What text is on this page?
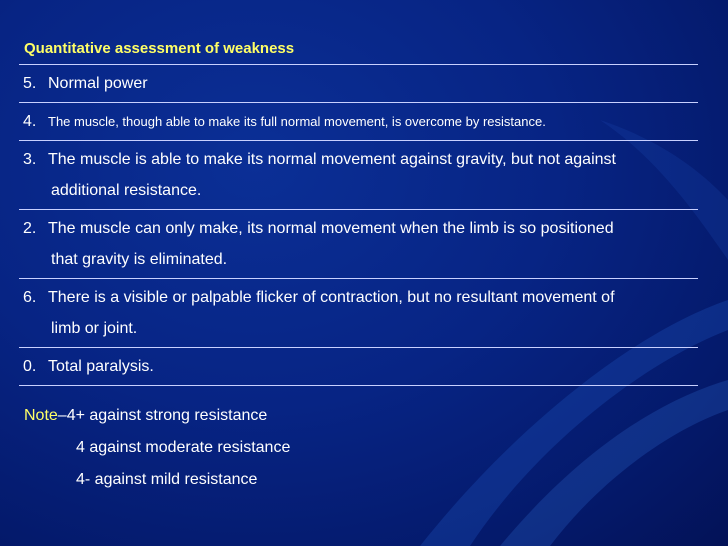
Quantitative assessment of weakness
5. Normal power
4. The muscle, though able to make its full normal movement, is overcome by resistance.
3. The muscle is able to make its normal movement against gravity, but not against
additional resistance.
2. The muscle can only make, its normal movement when the limb is so positioned
that gravity is eliminated.
6. There is a visible or palpable flicker of contraction, but no resultant movement of
limb or joint.
0. Total paralysis.
Note–4+ against strong resistance
4 against moderate resistance
4- against mild resistance
